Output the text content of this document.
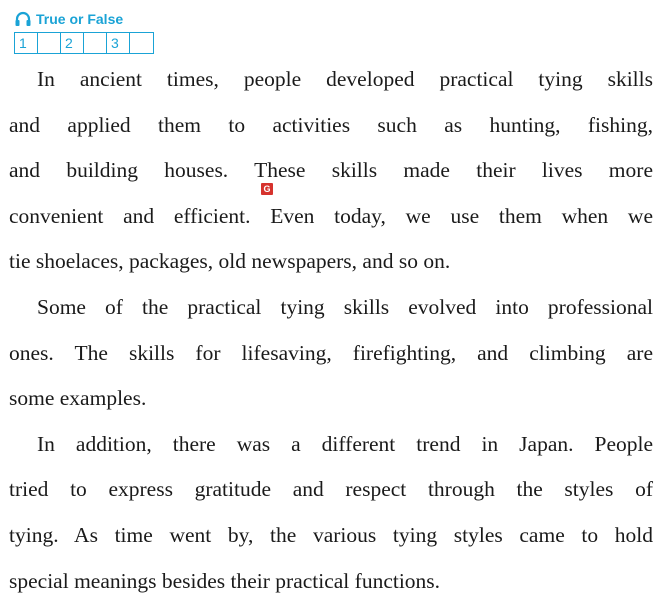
True or False
1	2	3
In ancient times, people developed practical tying skills
and applied them to activities such as hunting, fishing,
and building houses. These skills made their lives more
convenient and efficient. Even today, we use them when we
tie shoelaces, packages, old newspapers, and so on.
Some of the practical tying skills evolved into professional
ones. The skills for lifesaving, firefighting, and climbing are
some examples.
In addition, there was a different trend in Japan. People
tried to express gratitude and respect through the styles of
tying. As time went by, the various tying styles came to hold
special meanings besides their practical functions.
G
